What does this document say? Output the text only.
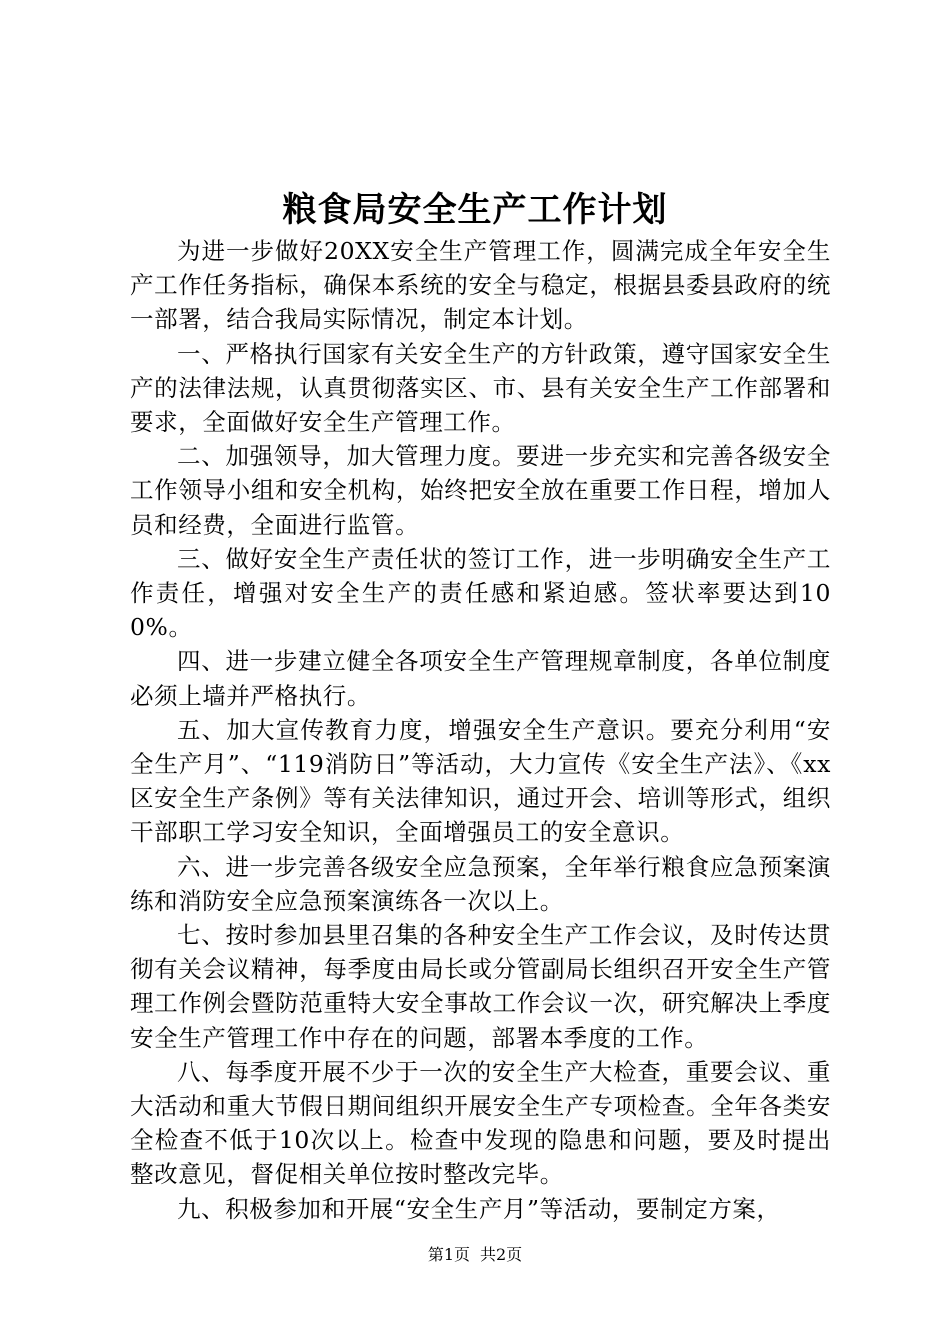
粮食局安全生产工作计划

为进一步做好20XX安全生产管理工作，圆满完成全年安全生产工作任务指标，确保本系统的安全与稳定，根据县委县政府的统一部署，结合我局实际情况，制定本计划。

一、严格执行国家有关安全生产的方针政策，遵守国家安全生产的法律法规，认真贯彻落实区、市、县有关安全生产工作部署和要求，全面做好安全生产管理工作。

二、加强领导，加大管理力度。要进一步充实和完善各级安全工作领导小组和安全机构，始终把安全放在重要工作日程，增加人员和经费，全面进行监管。

三、做好安全生产责任状的签订工作，进一步明确安全生产工作责任，增强对安全生产的责任感和紧迫感。签状率要达到100%。

四、进一步建立健全各项安全生产管理规章制度，各单位制度必须上墙并严格执行。

五、加大宣传教育力度，增强安全生产意识。要充分利用“安全生产月”、“119消防日”等活动，大力宣传《安全生产法》、《xx区安全生产条例》等有关法律知识，通过开会、培训等形式，组织干部职工学习安全知识，全面增强员工的安全意识。

六、进一步完善各级安全应急预案，全年举行粮食应急预案演练和消防安全应急预案演练各一次以上。

七、按时参加县里召集的各种安全生产工作会议，及时传达贯彻有关会议精神，每季度由局长或分管副局长组织召开安全生产管理工作例会暨防范重特大安全事故工作会议一次，研究解决上季度安全生产管理工作中存在的问题，部署本季度的工作。

八、每季度开展不少于一次的安全生产大检查，重要会议、重大活动和重大节假日期间组织开展安全生产专项检查。全年各类安全检查不低于10次以上。检查中发现的隐患和问题，要及时提出整改意见，督促相关单位按时整改完毕。

九、积极参加和开展“安全生产月”等活动，要制定方案，

第1页 共2页
